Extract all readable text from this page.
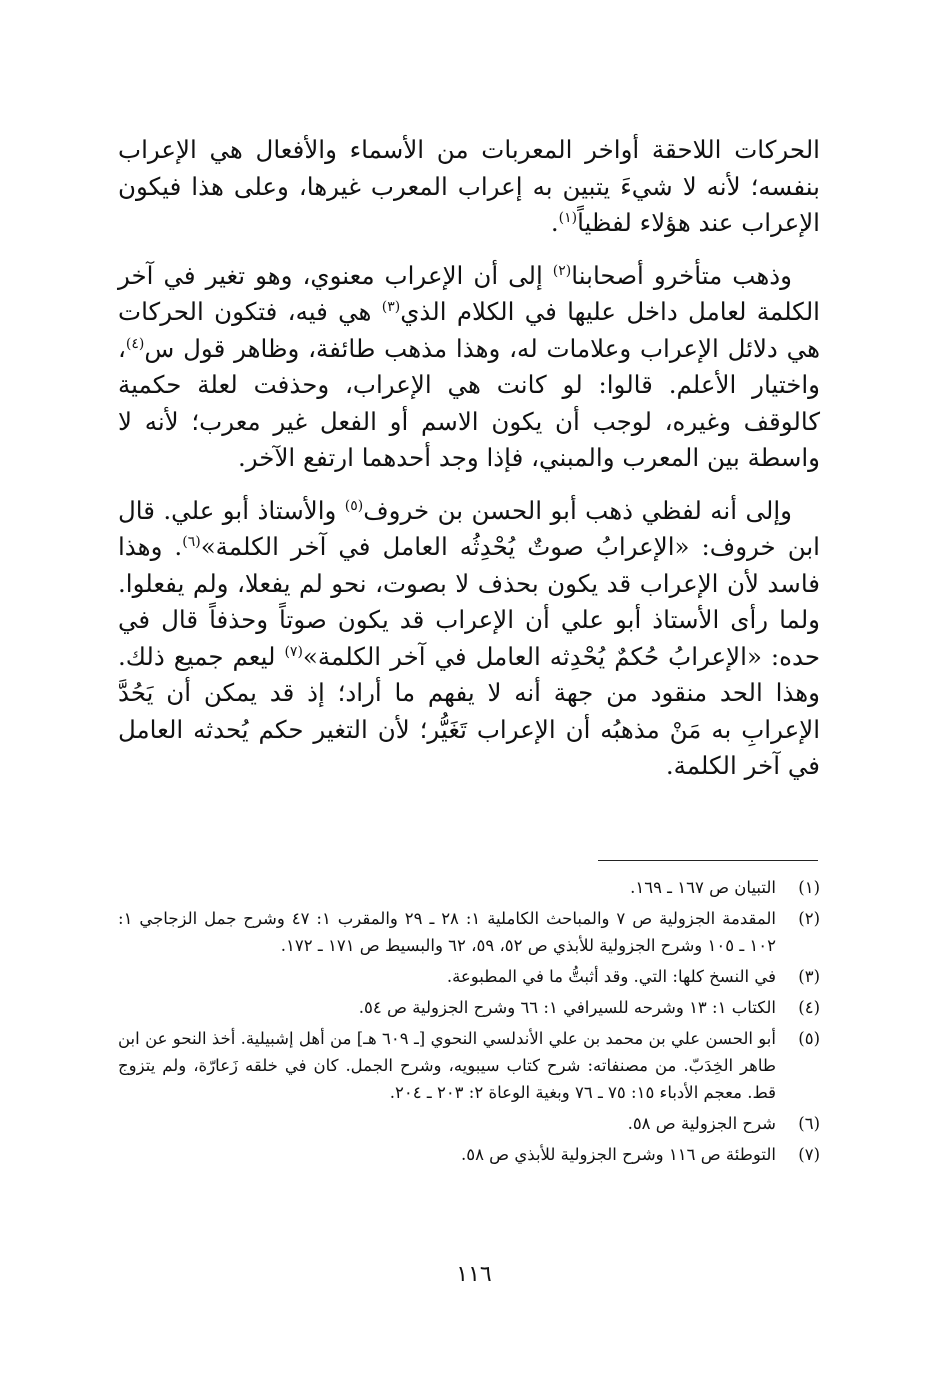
الحركات اللاحقة أواخر المعربات من الأسماء والأفعال هي الإعراب بنفسه؛ لأنه لا شيءَ يتبين به إعراب المعرب غيرها، وعلى هذا فيكون الإعراب عند هؤلاء لفظياً$^{(١)}$.

وذهب متأخرو أصحابنا$^{(٢)}$ إلى أن الإعراب معنوي، وهو تغير في آخر الكلمة لعامل داخل عليها في الكلام الذي$^{(٣)}$ هي فيه، فتكون الحركات هي دلائل الإعراب وعلامات له، وهذا مذهب طائفة، وظاهر قول س$^{(٤)}$، واختيار الأعلم. قالوا: لو كانت هي الإعراب، وحذفت لعلة حكمية كالوقف وغيره، لوجب أن يكون الاسم أو الفعل غير معرب؛ لأنه لا واسطة بين المعرب والمبني، فإذا وجد أحدهما ارتفع الآخر.

وإلى أنه لفظي ذهب أبو الحسن بن خروف$^{(٥)}$ والأستاذ أبو علي. قال ابن خروف: «الإعرابُ صوتٌ يُحْدِثُه العامل في آخر الكلمة»$^{(٦)}$. وهذا فاسد لأن الإعراب قد يكون بحذف لا بصوت، نحو لم يفعلا، ولم يفعلوا. ولما رأى الأستاذ أبو علي أن الإعراب قد يكون صوتاً وحذفاً قال في حده: «الإعرابُ حُكمٌ يُحْدِثه العامل في آخر الكلمة»$^{(٧)}$ ليعم جميع ذلك. وهذا الحد منقود من جهة أنه لا يفهم ما أراد؛ إذ قد يمكن أن يَحُدَّ الإعرابِ به مَنْ مذهبُه أن الإعراب تَغَيُّر؛ لأن التغير حكم يُحدثه العامل في آخر الكلمة.

(١)
التبيان ص ١٦٧ ـ ١٦٩.
(٢)
المقدمة الجزولية ص ٧ والمباحث الكاملية ١: ٢٨ ـ ٢٩ والمقرب ١: ٤٧ وشرح جمل الزجاجي ١: ١٠٢ ـ ١٠٥ وشرح الجزولية للأبذي ص ٥٢، ٥٩، ٦٢ والبسيط ص ١٧١ ـ ١٧٢.
(٣)
في النسخ كلها: التي. وقد أثبتُّ ما في المطبوعة.
(٤)
الكتاب ١: ١٣ وشرحه للسيرافي ١: ٦٦ وشرح الجزولية ص ٥٤.
(٥)
أبو الحسن علي بن محمد بن علي الأندلسي النحوي [ـ ٦٠٩ هـ] من أهل إشبيلية. أخذ النحو عن ابن طاهر الخِدَبّ. من مصنفاته: شرح كتاب سيبويه، وشرح الجمل. كان في خلقه زَعارّة، ولم يتزوج قط. معجم الأدباء ١٥: ٧٥ ـ ٧٦ وبغية الوعاة ٢: ٢٠٣ ـ ٢٠٤.
(٦)
شرح الجزولية ص ٥٨.
(٧)
التوطئة ص ١١٦ وشرح الجزولية للأبذي ص ٥٨.
١١٦
